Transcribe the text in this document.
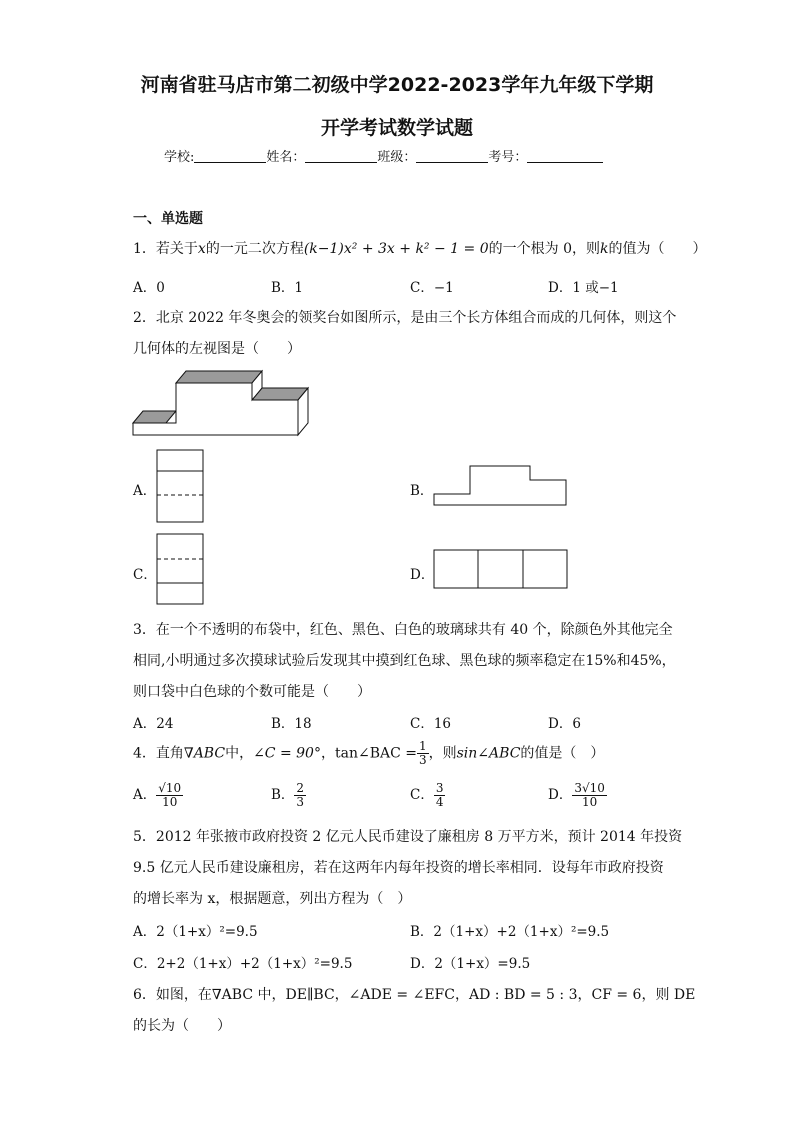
河南省驻马店市第二初级中学2022-2023学年九年级下学期
开学考试数学试题
学校:	姓名：	班级：	考号：
一、单选题
1．若关于x的一元二次方程(k−1)x² + 3x + k² − 1 = 0的一个根为 0，则k的值为（　　）
A．0	B．1	C．−1	D．1 或−1
2．北京 2022 年冬奥会的领奖台如图所示，是由三个长方体组合而成的几何体，则这个
几何体的左视图是（　　）
A．	B．
C．	D．
3．在一个不透明的布袋中，红色、黑色、白色的玻璃球共有 40 个，除颜色外其他完全
相同,小明通过多次摸球试验后发现其中摸到红色球、黑色球的频率稳定在15%和45%，
则口袋中白色球的个数可能是（　　）
A．24	B．18	C．16	D．6
4．直角∇ABC中，∠C = 90°，tan∠BAC = $\frac{1}{3}$ ，则sin∠ABC的值是（　）
A． $\frac{√10}{10}$	B． $\frac{2}{3}$	C． $\frac{3}{4}$	D． $\frac{3√10}{10}$
5．2012 年张掖市政府投资 2 亿元人民币建设了廉租房 8 万平方米，预计 2014 年投资
9.5 亿元人民币建设廉租房，若在这两年内每年投资的增长率相同．设每年市政府投资
的增长率为 x，根据题意，列出方程为（　）
A．2（1+x）²=9.5	B．2（1+x）+2（1+x）²=9.5
C．2+2（1+x）+2（1+x）²=9.5	D．2（1+x）=9.5
6．如图，在∇ABC 中，DE∥BC，∠ADE = ∠EFC，AD : BD = 5 : 3，CF = 6，则 DE
的长为（　　）
